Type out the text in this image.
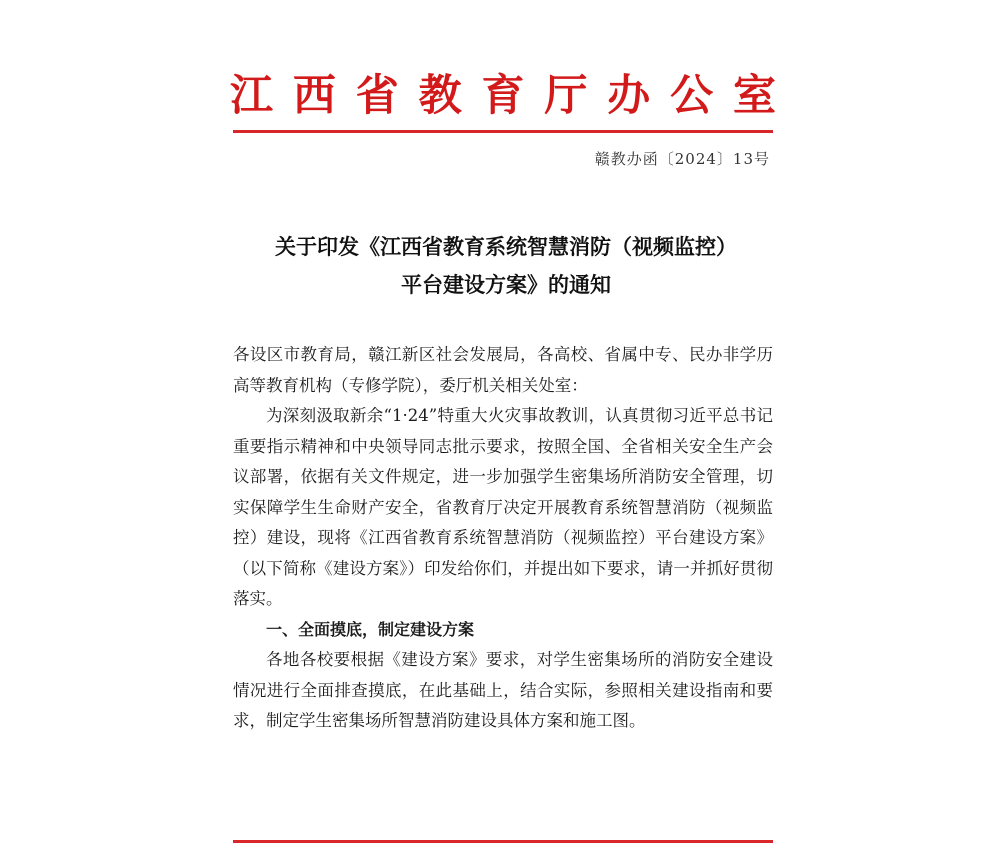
江西省教育厅办公室
赣教办函〔2024〕13号
关于印发《江西省教育系统智慧消防（视频监控）
平台建设方案》的通知

各设区市教育局，赣江新区社会发展局，各高校、省属中专、民办非学历高等教育机构（专修学院），委厅机关相关处室：

为深刻汲取新余“1·24”特重大火灾事故教训，认真贯彻习近平总书记重要指示精神和中央领导同志批示要求，按照全国、全省相关安全生产会议部署，依据有关文件规定，进一步加强学生密集场所消防安全管理，切实保障学生生命财产安全，省教育厅决定开展教育系统智慧消防（视频监控）建设，现将《江西省教育系统智慧消防（视频监控）平台建设方案》（以下简称《建设方案》）印发给你们，并提出如下要求，请一并抓好贯彻落实。

一、全面摸底，制定建设方案

各地各校要根据《建设方案》要求，对学生密集场所的消防安全建设情况进行全面排查摸底，在此基础上，结合实际，参照相关建设指南和要求，制定学生密集场所智慧消防建设具体方案和施工图。
